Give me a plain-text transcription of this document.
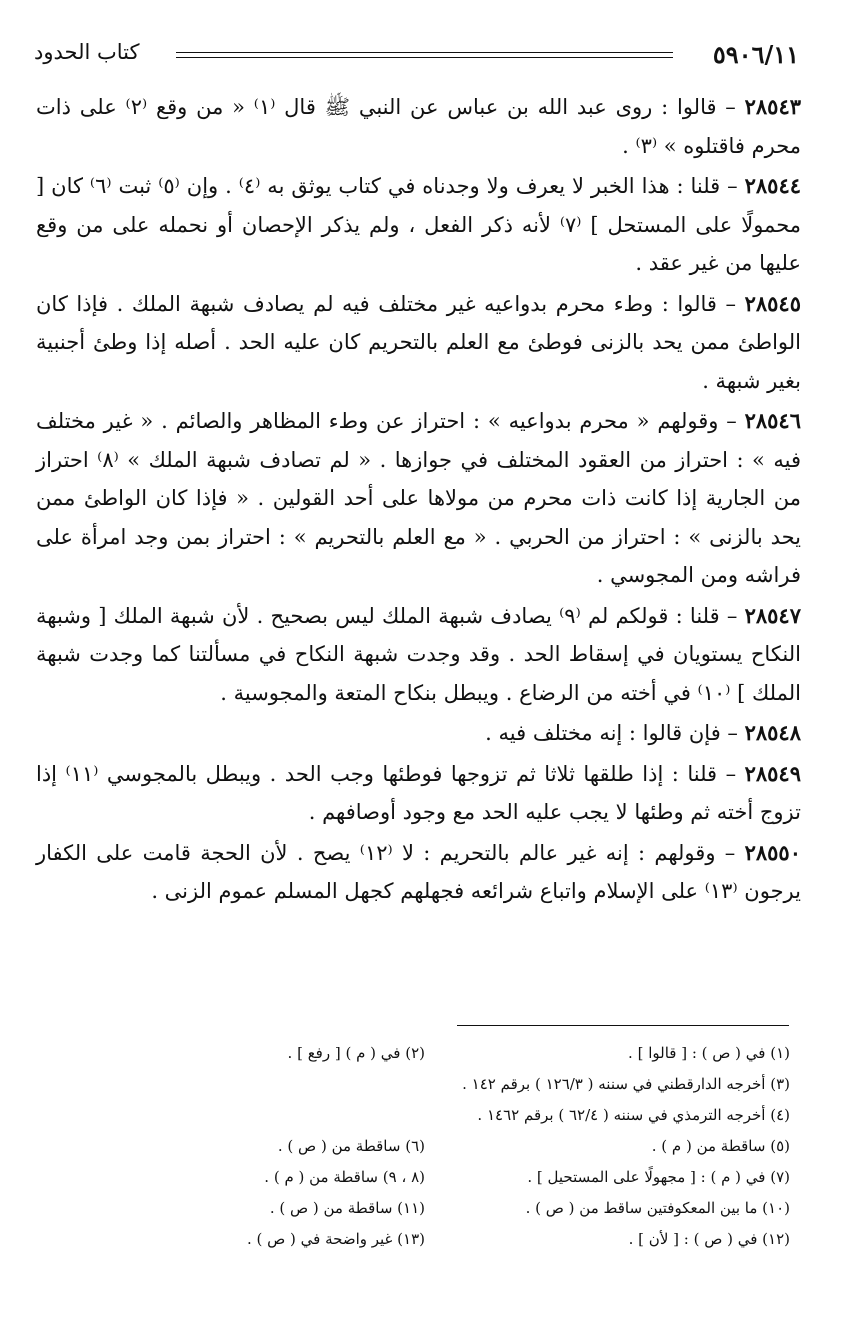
كتاب الحدود	٥٩٠٦/١١

٢٨٥٤٣ – قالوا : روى عبد الله بن عباس عن النبي ﷺ قال ⁽١⁾ « من وقع ⁽٢⁾ على ذات محرم فاقتلوه » ⁽٣⁾ .

٢٨٥٤٤ – قلنا : هذا الخبر لا يعرف ولا وجدناه في كتاب يوثق به ⁽٤⁾ . وإن ⁽٥⁾ ثبت ⁽٦⁾ كان [ محمولًا على المستحل ] ⁽٧⁾ لأنه ذكر الفعل ، ولم يذكر الإحصان أو نحمله على من وقع عليها من غير عقد .

٢٨٥٤٥ – قالوا : وطء محرم بدواعيه غير مختلف فيه لم يصادف شبهة الملك . فإذا كان الواطئ ممن يحد بالزنى فوطئ مع العلم بالتحريم كان عليه الحد . أصله إذا وطئ أجنبية بغير شبهة .

٢٨٥٤٦ – وقولهم « محرم بدواعيه » : احتراز عن وطء المظاهر والصائم . « غير مختلف فيه » : احتراز من العقود المختلف في جوازها . « لم تصادف شبهة الملك » ⁽٨⁾ احتراز من الجارية إذا كانت ذات محرم من مولاها على أحد القولين . « فإذا كان الواطئ ممن يحد بالزنى » : احتراز من الحربي . « مع العلم بالتحريم » : احتراز بمن وجد امرأة على فراشه ومن المجوسي .

٢٨٥٤٧ – قلنا : قولكم لم ⁽٩⁾ يصادف شبهة الملك ليس بصحيح . لأن شبهة الملك [ وشبهة النكاح يستويان في إسقاط الحد . وقد وجدت شبهة النكاح في مسألتنا كما وجدت شبهة الملك ] ⁽١٠⁾ في أخته من الرضاع . ويبطل بنكاح المتعة والمجوسية .

٢٨٥٤٨ – فإن قالوا : إنه مختلف فيه .

٢٨٥٤٩ – قلنا : إذا طلقها ثلاثا ثم تزوجها فوطئها وجب الحد . ويبطل بالمجوسي ⁽١١⁾ إذا تزوج أخته ثم وطئها لا يجب عليه الحد مع وجود أوصافهم .

٢٨٥٥٠ – وقولهم : إنه غير عالم بالتحريم : لا ⁽١٢⁾ يصح . لأن الحجة قامت على الكفار يرجون ⁽١٣⁾ على الإسلام واتباع شرائعه فجهلهم كجهل المسلم عموم الزنى .

(١) في ( ص ) : [ قالوا ] .
(٢) في ( م ) [ رفع ] .
(٣) أخرجه الدارقطني في سننه ( ١٢٦/٣ ) برقم ١٤٢ .
(٤) أخرجه الترمذي في سننه ( ٦٢/٤ ) برقم ١٤٦٢ .
(٥) ساقطة من ( م ) .
(٦) ساقطة من ( ص ) .
(٧) في ( م ) : [ مجهولًا على المستحيل ] .
(٨ ، ٩) ساقطة من ( م ) .
(١٠) ما بين المعكوفتين ساقط من ( ص ) .
(١١) ساقطة من ( ص ) .
(١٢) في ( ص ) : [ لأن ] .
(١٣) غير واضحة في ( ص ) .
